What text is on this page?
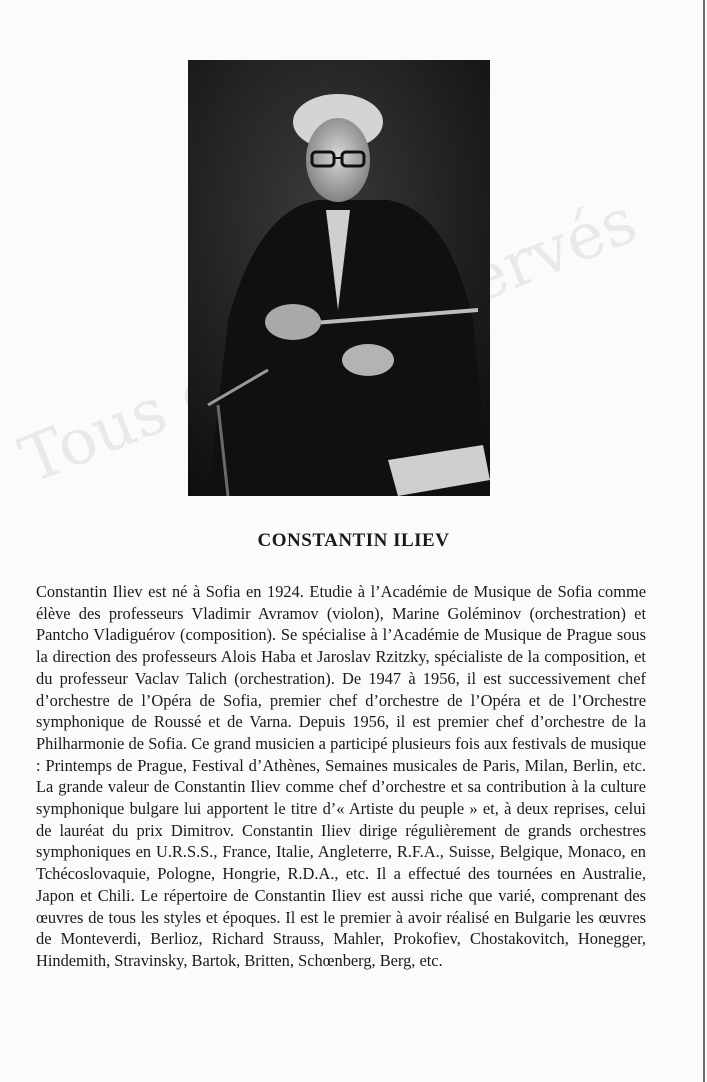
Tous réservés
CONSTANTIN ILIEV

Constantin Iliev est né à Sofia en 1924. Etudie à l’Académie de Musique de Sofia comme élève des professeurs Vladimir Avramov (violon), Marine Goléminov (orchestration) et Pantcho Vladiguérov (composition). Se spécialise à l’Académie de Musique de Prague sous la direction des professeurs Alois Haba et Jaroslav Rzitzky, spécialiste de la composition, et du professeur Vaclav Talich (orchestration). De 1947 à 1956, il est successivement chef d’orchestre de l’Opéra de Sofia, premier chef d’orchestre de l’Opéra et de l’Orchestre symphonique de Roussé et de Varna. Depuis 1956, il est premier chef d’orchestre de la Philharmonie de Sofia. Ce grand musicien a participé plusieurs fois aux festivals de musique : Printemps de Prague, Festival d’Athènes, Semaines musicales de Paris, Milan, Berlin, etc. La grande valeur de Constantin Iliev comme chef d’orchestre et sa contribution à la culture symphonique bulgare lui apportent le titre d’« Artiste du peuple » et, à deux reprises, celui de lauréat du prix Dimitrov. Constantin Iliev dirige régulièrement de grands orchestres symphoniques en U.R.S.S., France, Italie, Angleterre, R.F.A., Suisse, Belgique, Monaco, en Tchécoslovaquie, Pologne, Hongrie, R.D.A., etc. Il a effectué des tournées en Australie, Japon et Chili. Le répertoire de Constantin Iliev est aussi riche que varié, comprenant des œuvres de tous les styles et époques. Il est le premier à avoir réalisé en Bulgarie les œuvres de Monteverdi, Berlioz, Richard Strauss, Mahler, Prokofiev, Chostakovitch, Honegger, Hindemith, Stravinsky, Bartok, Britten, Schœnberg, Berg, etc.
